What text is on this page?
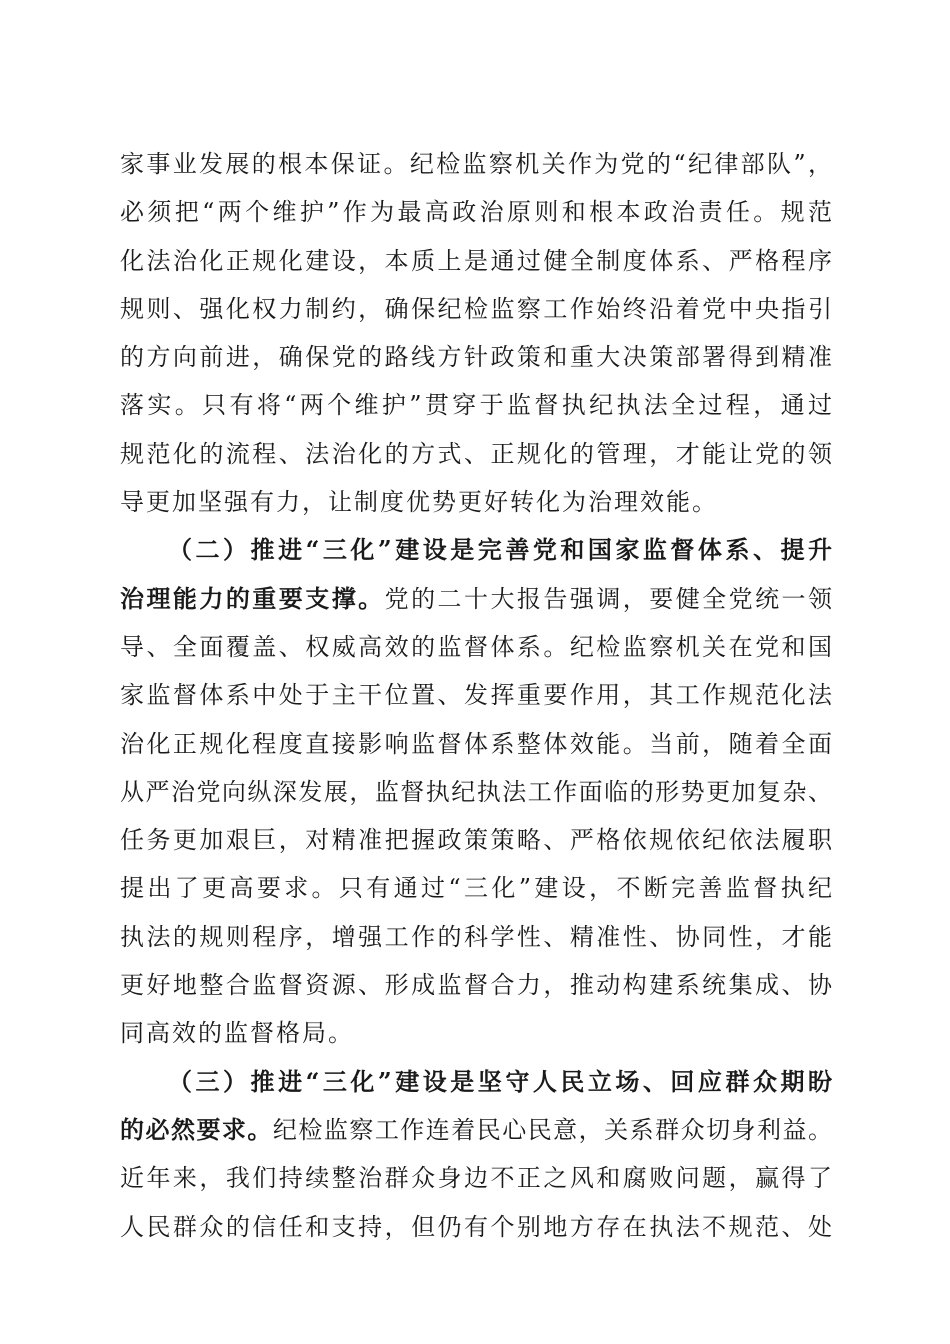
家事业发展的根本保证。纪检监察机关作为党的“纪律部队”，
必须把“两个维护”作为最高政治原则和根本政治责任。规范
化法治化正规化建设，本质上是通过健全制度体系、严格程序
规则、强化权力制约，确保纪检监察工作始终沿着党中央指引
的方向前进，确保党的路线方针政策和重大决策部署得到精准
落实。只有将“两个维护”贯穿于监督执纪执法全过程，通过
规范化的流程、法治化的方式、正规化的管理，才能让党的领
导更加坚强有力，让制度优势更好转化为治理效能。
（二）推进“三化”建设是完善党和国家监督体系、提升
治理能力的重要支撑。党的二十大报告强调，要健全党统一领
导、全面覆盖、权威高效的监督体系。纪检监察机关在党和国
家监督体系中处于主干位置、发挥重要作用，其工作规范化法
治化正规化程度直接影响监督体系整体效能。当前，随着全面
从严治党向纵深发展，监督执纪执法工作面临的形势更加复杂、
任务更加艰巨，对精准把握政策策略、严格依规依纪依法履职
提出了更高要求。只有通过“三化”建设，不断完善监督执纪
执法的规则程序，增强工作的科学性、精准性、协同性，才能
更好地整合监督资源、形成监督合力，推动构建系统集成、协
同高效的监督格局。
（三）推进“三化”建设是坚守人民立场、回应群众期盼
的必然要求。纪检监察工作连着民心民意，关系群众切身利益。
近年来，我们持续整治群众身边不正之风和腐败问题，赢得了
人民群众的信任和支持，但仍有个别地方存在执法不规范、处
